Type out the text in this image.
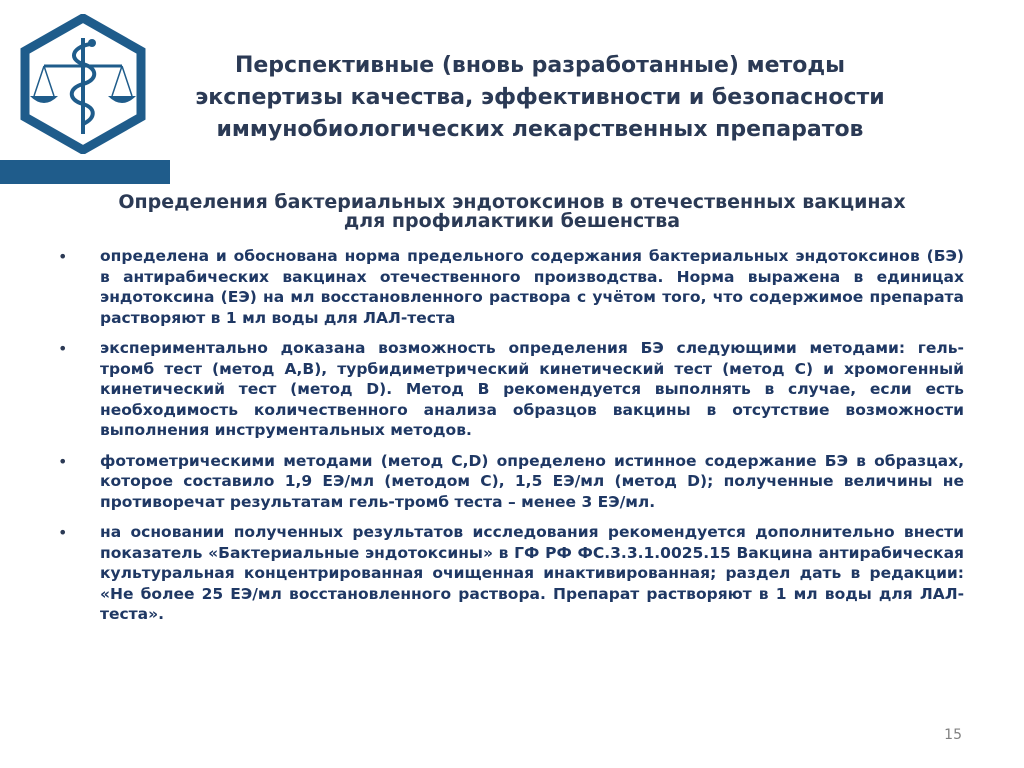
Перспективные (вновь разработанные) методы
экспертизы качества, эффективности и безопасности
иммунобиологических лекарственных препаратов
Определения бактериальных эндотоксинов в отечественных вакцинах
для профилактики бешенства
• определена и обоснована норма предельного содержания бактериальных эндотоксинов (БЭ) в антирабических вакцинах отечественного производства. Норма выражена в единицах эндотоксина (ЕЭ) на мл восстановленного раствора с учётом того, что содержимое препарата растворяют в 1 мл воды для ЛАЛ-теста
• экспериментально доказана возможность определения БЭ следующими методами: гель-тромб тест (метод А,В), турбидиметрический кинетический тест (метод С) и хромогенный кинетический тест (метод D). Метод В рекомендуется выполнять в случае, если есть необходимость количественного анализа образцов вакцины в отсутствие возможности выполнения инструментальных методов.
• фотометрическими методами (метод C,D) определено истинное содержание БЭ в образцах, которое составило 1,9 ЕЭ/мл (методом С), 1,5 ЕЭ/мл (метод D); полученные величины не противоречат результатам гель-тромб теста – менее 3 ЕЭ/мл.
• на основании полученных результатов исследования рекомендуется дополнительно внести показатель «Бактериальные эндотоксины» в ГФ РФ ФС.3.3.1.0025.15 Вакцина антирабическая культуральная концентрированная очищенная инактивированная; раздел дать в редакции: «Не более 25 ЕЭ/мл восстановленного раствора. Препарат растворяют в 1 мл воды для ЛАЛ-теста».
15
